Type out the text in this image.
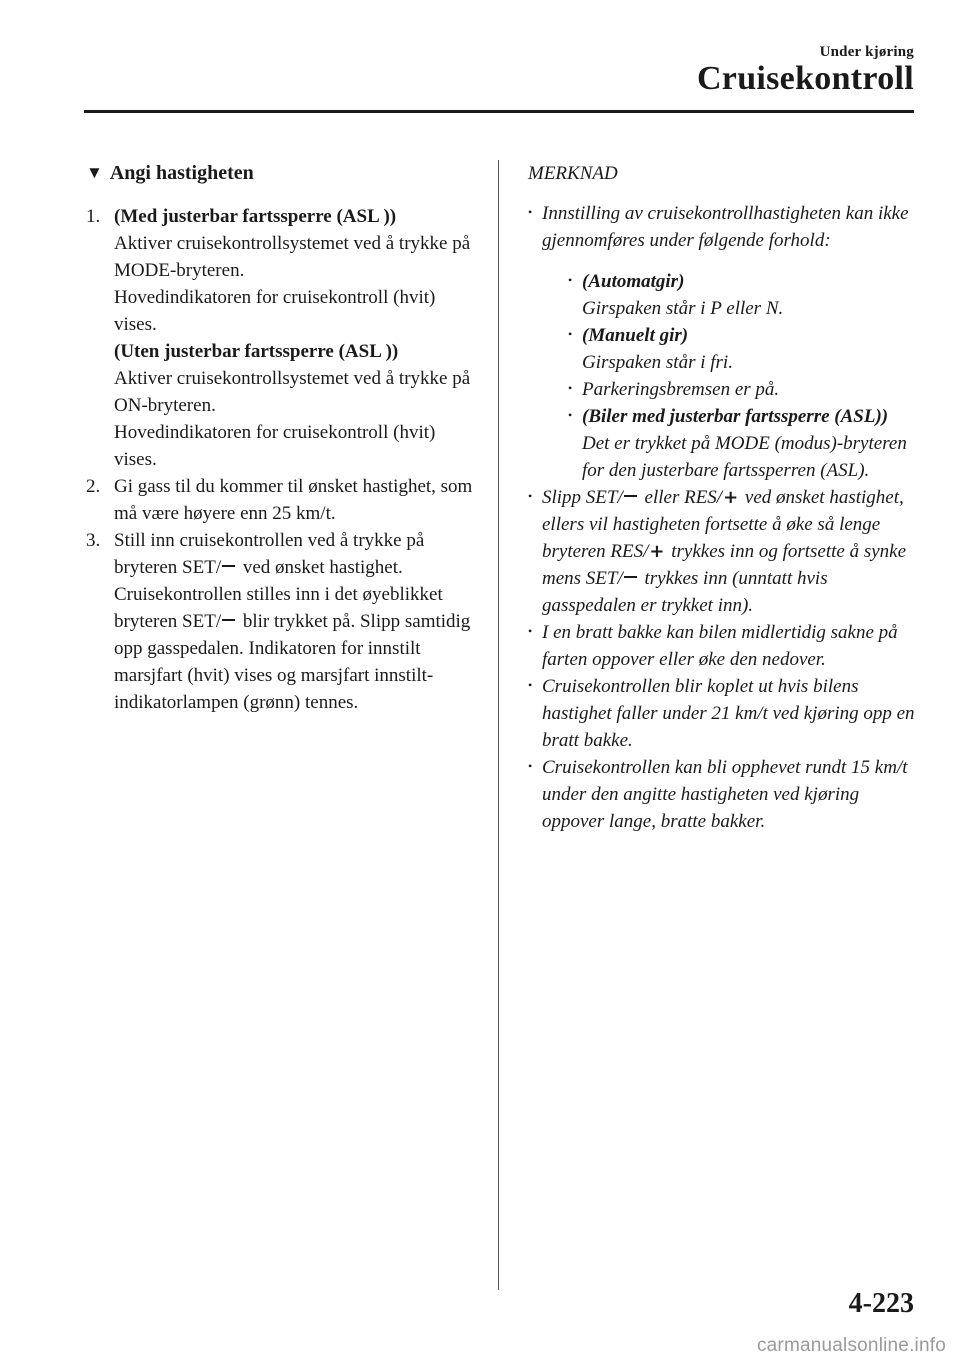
Under kjøring
Cruisekontroll
▼ Angi hastigheten
1. (Med justerbar fartssperre (ASL ))
Aktiver cruisekontrollsystemet ved å trykke på MODE-bryteren.
Hovedindikatoren for cruisekontroll (hvit) vises.
(Uten justerbar fartssperre (ASL ))
Aktiver cruisekontrollsystemet ved å trykke på ON-bryteren.
Hovedindikatoren for cruisekontroll (hvit) vises.
2. Gi gass til du kommer til ønsket hastighet, som må være høyere enn 25 km/t.
3. Still inn cruisekontrollen ved å trykke på bryteren SET/ ved ønsket hastighet. Cruisekontrollen stilles inn i det øyeblikket bryteren SET/ blir trykket på. Slipp samtidig opp gasspedalen. Indikatoren for innstilt marsjfart (hvit) vises og marsjfart innstilt-indikatorlampen (grønn) tennes.
MERKNAD
• Innstilling av cruisekontrollhastigheten kan ikke gjennomføres under følgende forhold:
• (Automatgir)
Girspaken står i P eller N.
• (Manuelt gir)
Girspaken står i fri.
• Parkeringsbremsen er på.
• (Biler med justerbar fartssperre (ASL))
Det er trykket på MODE (modus)-bryteren for den justerbare fartssperren (ASL).
• Slipp SET/ eller RES/+ ved ønsket hastighet, ellers vil hastigheten fortsette å øke så lenge bryteren RES/+ trykkes inn og fortsette å synke mens SET/ trykkes inn (unntatt hvis gasspedalen er trykket inn).
• I en bratt bakke kan bilen midlertidig sakne på farten oppover eller øke den nedover.
• Cruisekontrollen blir koplet ut hvis bilens hastighet faller under 21 km/t ved kjøring opp en bratt bakke.
• Cruisekontrollen kan bli opphevet rundt 15 km/t under den angitte hastigheten ved kjøring oppover lange, bratte bakker.
4-223
carmanualsonline.info
